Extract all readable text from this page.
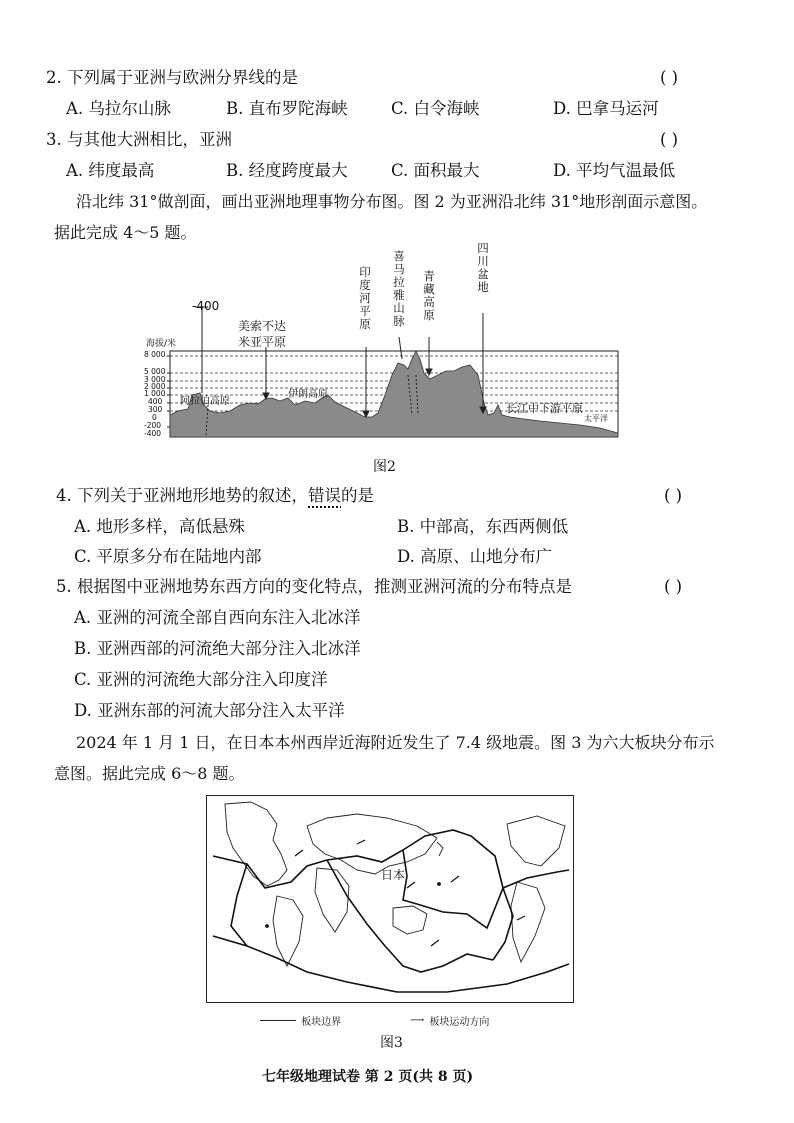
2. 下列属于亚洲与欧洲分界线的是	( )
A. 乌拉尔山脉	B. 直布罗陀海峡	C. 白令海峡	D. 巴拿马运河
3. 与其他大洲相比，亚洲	( )
A. 纬度最高	B. 经度跨度最大	C. 面积最大	D. 平均气温最低
沿北纬 31°做剖面，画出亚洲地理事物分布图。图 2 为亚洲沿北纬 31°地形剖面示意图。据此完成 4～5 题。
-400
海拔/米
8 000
5 000
3 000
2 000
1 000
400
300
0
-200
-400
美索不达米亚平原
阿拉伯高原
伊朗高原
印度河平原
喜马拉雅山脉
青藏高原
四川盆地
长江中下游平原
太平洋
图2
4. 下列关于亚洲地形地势的叙述，错误的是	( )
A. 地形多样，高低悬殊	B. 中部高，东西两侧低
C. 平原多分布在陆地内部	D. 高原、山地分布广
5. 根据图中亚洲地势东西方向的变化特点，推测亚洲河流的分布特点是	( )
A. 亚洲的河流全部自西向东注入北冰洋
B. 亚洲西部的河流绝大部分注入北冰洋
C. 亚洲的河流绝大部分注入印度洋
D. 亚洲东部的河流大部分注入太平洋
2024 年 1 月 1 日，在日本本州西岸近海附近发生了 7.4 级地震。图 3 为六大板块分布示意图。据此完成 6～8 题。
日本
板块边界	⟶ 板块运动方向
图3
七年级地理试卷 第 2 页(共 8 页)
